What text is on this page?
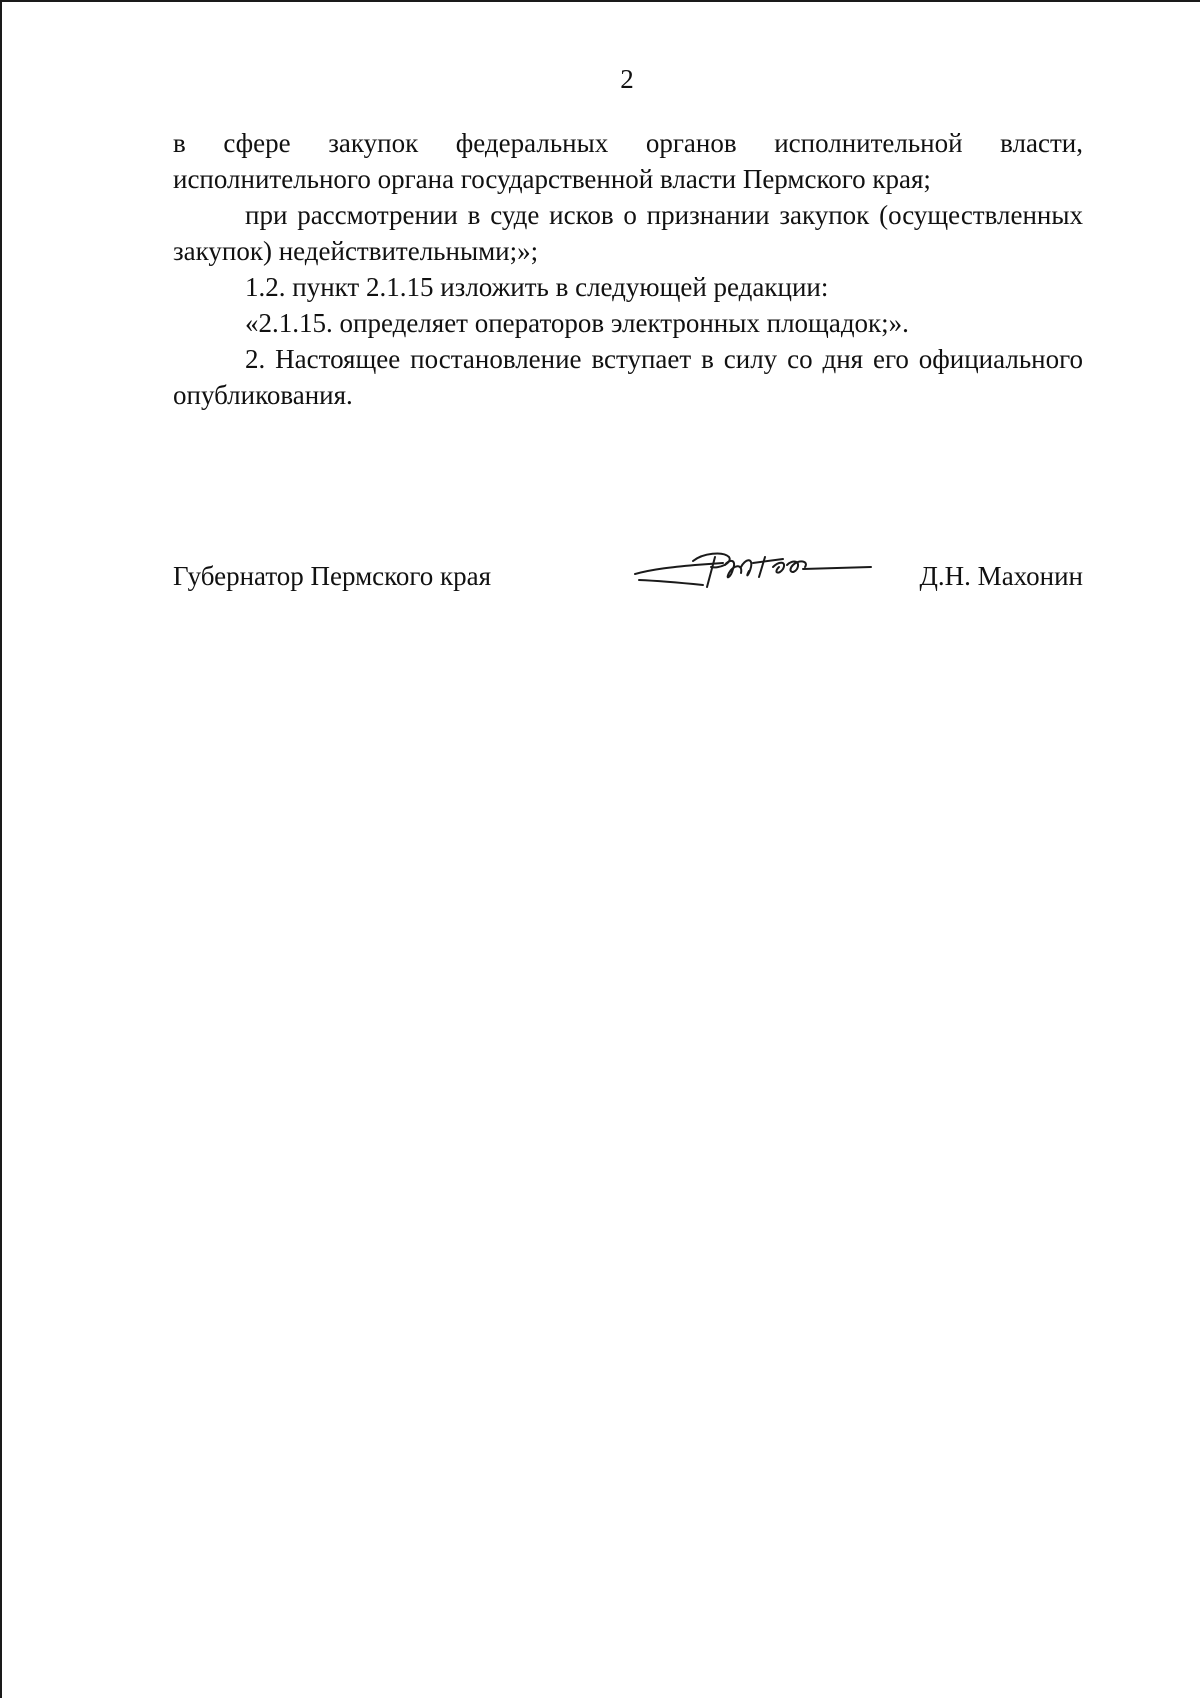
2

в сфере закупок федеральных органов исполнительной власти, исполнительного органа государственной власти Пермского края;

при рассмотрении в суде исков о признании закупок (осуществленных закупок) недействительными;»;

1.2. пункт 2.1.15 изложить в следующей редакции:

«2.1.15. определяет операторов электронных площадок;».

2. Настоящее постановление вступает в силу со дня его официального опубликования.

Губернатор Пермского края	Д.Н. Махонин
